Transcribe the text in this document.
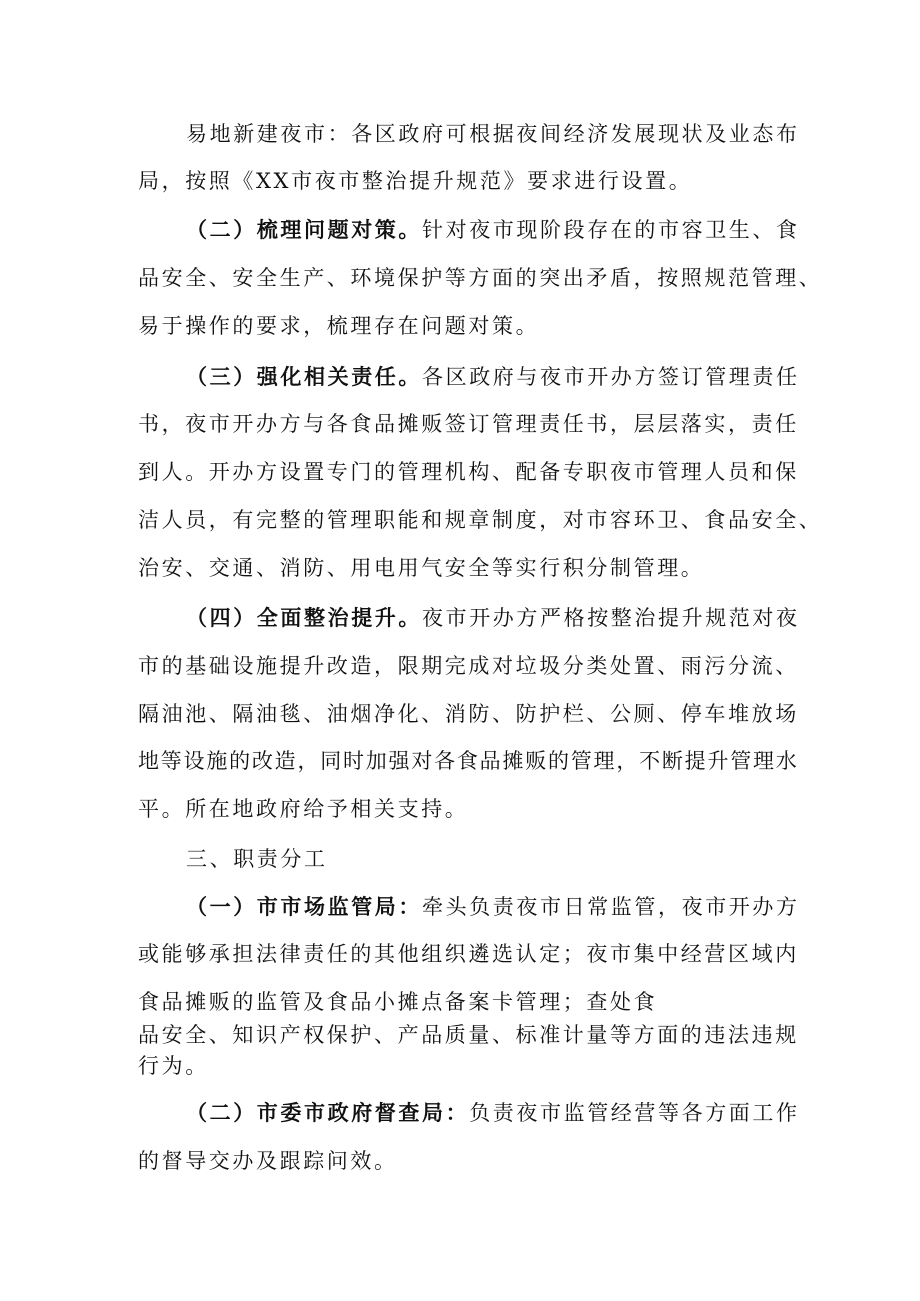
易地新建夜市：各区政府可根据夜间经济发展现状及业态布
局，按照《XX市夜市整治提升规范》要求进行设置。
（二）梳理问题对策。针对夜市现阶段存在的市容卫生、食
品安全、安全生产、环境保护等方面的突出矛盾，按照规范管理、
易于操作的要求，梳理存在问题对策。
（三）强化相关责任。各区政府与夜市开办方签订管理责任
书，夜市开办方与各食品摊贩签订管理责任书，层层落实，责任
到人。开办方设置专门的管理机构、配备专职夜市管理人员和保
洁人员，有完整的管理职能和规章制度，对市容环卫、食品安全、
治安、交通、消防、用电用气安全等实行积分制管理。
（四）全面整治提升。夜市开办方严格按整治提升规范对夜
市的基础设施提升改造，限期完成对垃圾分类处置、雨污分流、
隔油池、隔油毯、油烟净化、消防、防护栏、公厕、停车堆放场
地等设施的改造，同时加强对各食品摊贩的管理，不断提升管理水
平。所在地政府给予相关支持。
三、职责分工
（一）市市场监管局：牵头负责夜市日常监管，夜市开办方
或能够承担法律责任的其他组织遴选认定；夜市集中经营区域内
食品摊贩的监管及食品小摊点备案卡管理；查处食
品安全、知识产权保护、产品质量、标准计量等方面的违法违规
行为。
（二）市委市政府督查局：负责夜市监管经营等各方面工作
的督导交办及跟踪问效。
